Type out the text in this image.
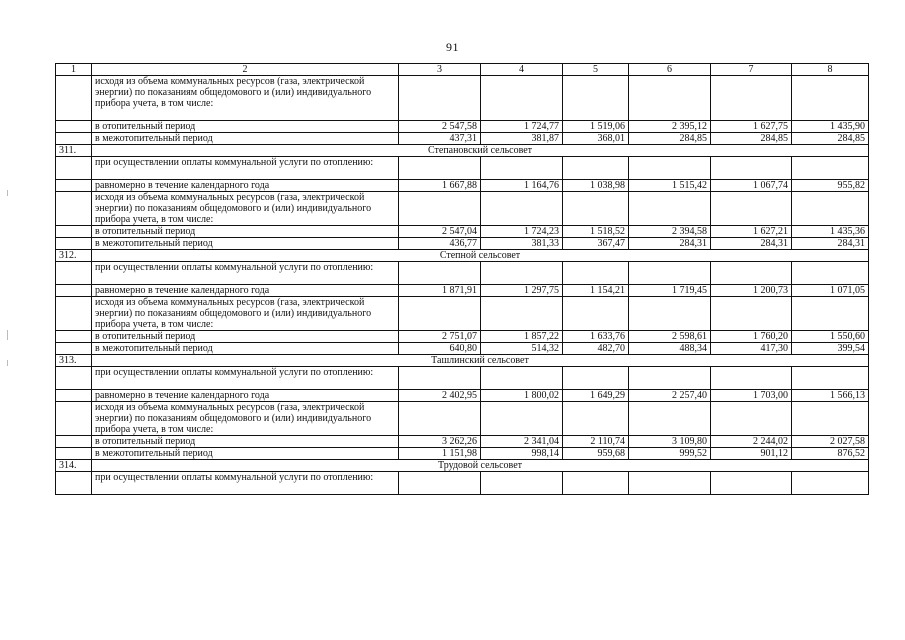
91
1	2	3	4	5	6	7	8
	исходя из объема коммунальных ресурсов (газа, электрической энергии) по показаниям общедомового и (или) индивидуального прибора учета, в том числе:						
	в отопительный период	2 547,58	1 724,77	1 519,06	2 395,12	1 627,75	1 435,90
	в межотопительный период	437,31	381,87	368,01	284,85	284,85	284,85
311.	Степановский сельсовет						
	при осуществлении оплаты коммунальной услуги по отоплению:						
	равномерно в течение календарного года	1 667,88	1 164,76	1 038,98	1 515,42	1 067,74	955,82
	исходя из объема коммунальных ресурсов (газа, электрической энергии) по показаниям общедомового и (или) индивидуального прибора учета, в том числе:						
	в отопительный период	2 547,04	1 724,23	1 518,52	2 394,58	1 627,21	1 435,36
	в межотопительный период	436,77	381,33	367,47	284,31	284,31	284,31
312.	Степной сельсовет						
	при осуществлении оплаты коммунальной услуги по отоплению:						
	равномерно в течение календарного года	1 871,91	1 297,75	1 154,21	1 719,45	1 200,73	1 071,05
	исходя из объема коммунальных ресурсов (газа, электрической энергии) по показаниям общедомового и (или) индивидуального прибора учета, в том числе:						
	в отопительный период	2 751,07	1 857,22	1 633,76	2 598,61	1 760,20	1 550,60
	в межотопительный период	640,80	514,32	482,70	488,34	417,30	399,54
313.	Ташлинский сельсовет						
	при осуществлении оплаты коммунальной услуги по отоплению:						
	равномерно в течение календарного года	2 402,95	1 800,02	1 649,29	2 257,40	1 703,00	1 566,13
	исходя из объема коммунальных ресурсов (газа, электрической энергии) по показаниям общедомового и (или) индивидуального прибора учета, в том числе:						
	в отопительный период	3 262,26	2 341,04	2 110,74	3 109,80	2 244,02	2 027,58
	в межотопительный период	1 151,98	998,14	959,68	999,52	901,12	876,52
314.	Трудовой сельсовет						
	при осуществлении оплаты коммунальной услуги по отоплению:						
